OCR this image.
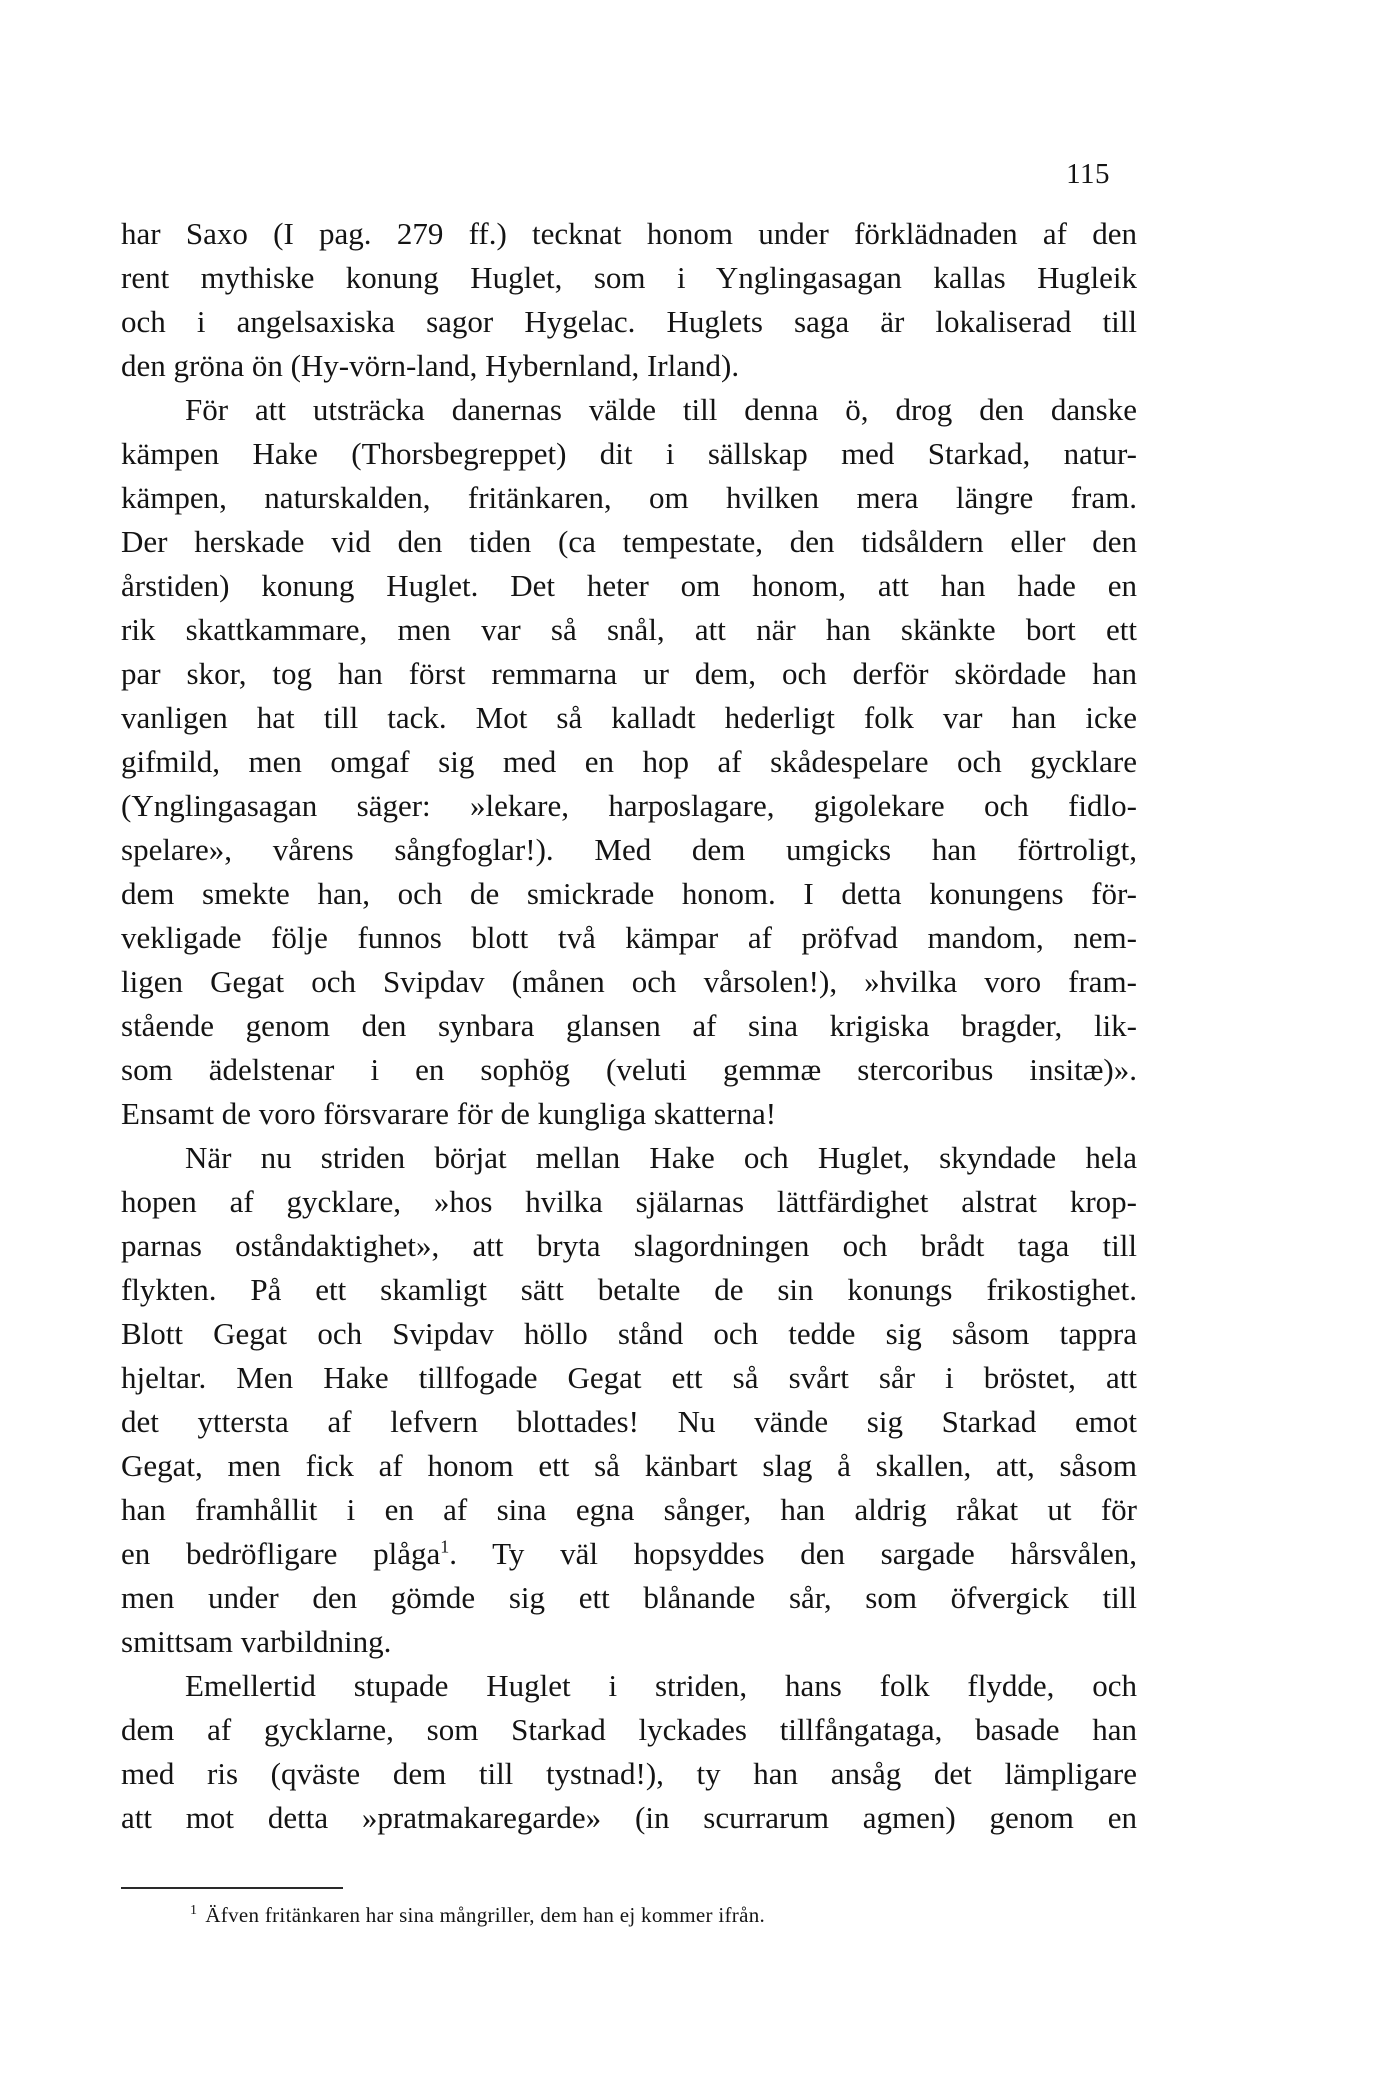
115
har Saxo (I pag. 279 ff.) tecknat honom under förklädnaden af den
rent mythiske konung Huglet, som i Ynglingasagan kallas Hugleik
och i angelsaxiska sagor Hygelac. Huglets saga är lokaliserad till
den gröna ön (Hy-vörn-land, Hybernland, Irland).
För att utsträcka danernas välde till denna ö, drog den danske
kämpen Hake (Thorsbegreppet) dit i sällskap med Starkad, natur-
kämpen, naturskalden, fritänkaren, om hvilken mera längre fram.
Der herskade vid den tiden (ca tempestate, den tidsåldern eller den
årstiden) konung Huglet. Det heter om honom, att han hade en
rik skattkammare, men var så snål, att när han skänkte bort ett
par skor, tog han först remmarna ur dem, och derför skördade han
vanligen hat till tack. Mot så kalladt hederligt folk var han icke
gifmild, men omgaf sig med en hop af skådespelare och gycklare
(Ynglingasagan säger: »lekare, harposlagare, gigolekare och fidlo-
spelare», vårens sångfoglar!). Med dem umgicks han förtroligt,
dem smekte han, och de smickrade honom. I detta konungens för-
vekligade följe funnos blott två kämpar af pröfvad mandom, nem-
ligen Gegat och Svipdav (månen och vårsolen!), »hvilka voro fram-
stående genom den synbara glansen af sina krigiska bragder, lik-
som ädelstenar i en sophög (veluti gemmæ stercoribus insitæ)».
Ensamt de voro försvarare för de kungliga skatterna!
När nu striden börjat mellan Hake och Huglet, skyndade hela
hopen af gycklare, »hos hvilka själarnas lättfärdighet alstrat krop-
parnas oståndaktighet», att bryta slagordningen och brådt taga till
flykten. På ett skamligt sätt betalte de sin konungs frikostighet.
Blott Gegat och Svipdav höllo stånd och tedde sig såsom tappra
hjeltar. Men Hake tillfogade Gegat ett så svårt sår i bröstet, att
det yttersta af lefvern blottades! Nu vände sig Starkad emot
Gegat, men fick af honom ett så känbart slag å skallen, att, såsom
han framhållit i en af sina egna sånger, han aldrig råkat ut för
en bedröfligare plåga$^1$. Ty väl hopsyddes den sargade hårsvålen,
men under den gömde sig ett blånande sår, som öfvergick till
smittsam varbildning.
Emellertid stupade Huglet i striden, hans folk flydde, och
dem af gycklarne, som Starkad lyckades tillfångataga, basade han
med ris (qväste dem till tystnad!), ty han ansåg det lämpligare
att mot detta »pratmakaregarde» (in scurrarum agmen) genom en
$^1$ Äfven fritänkaren har sina mångriller, dem han ej kommer ifrån.
